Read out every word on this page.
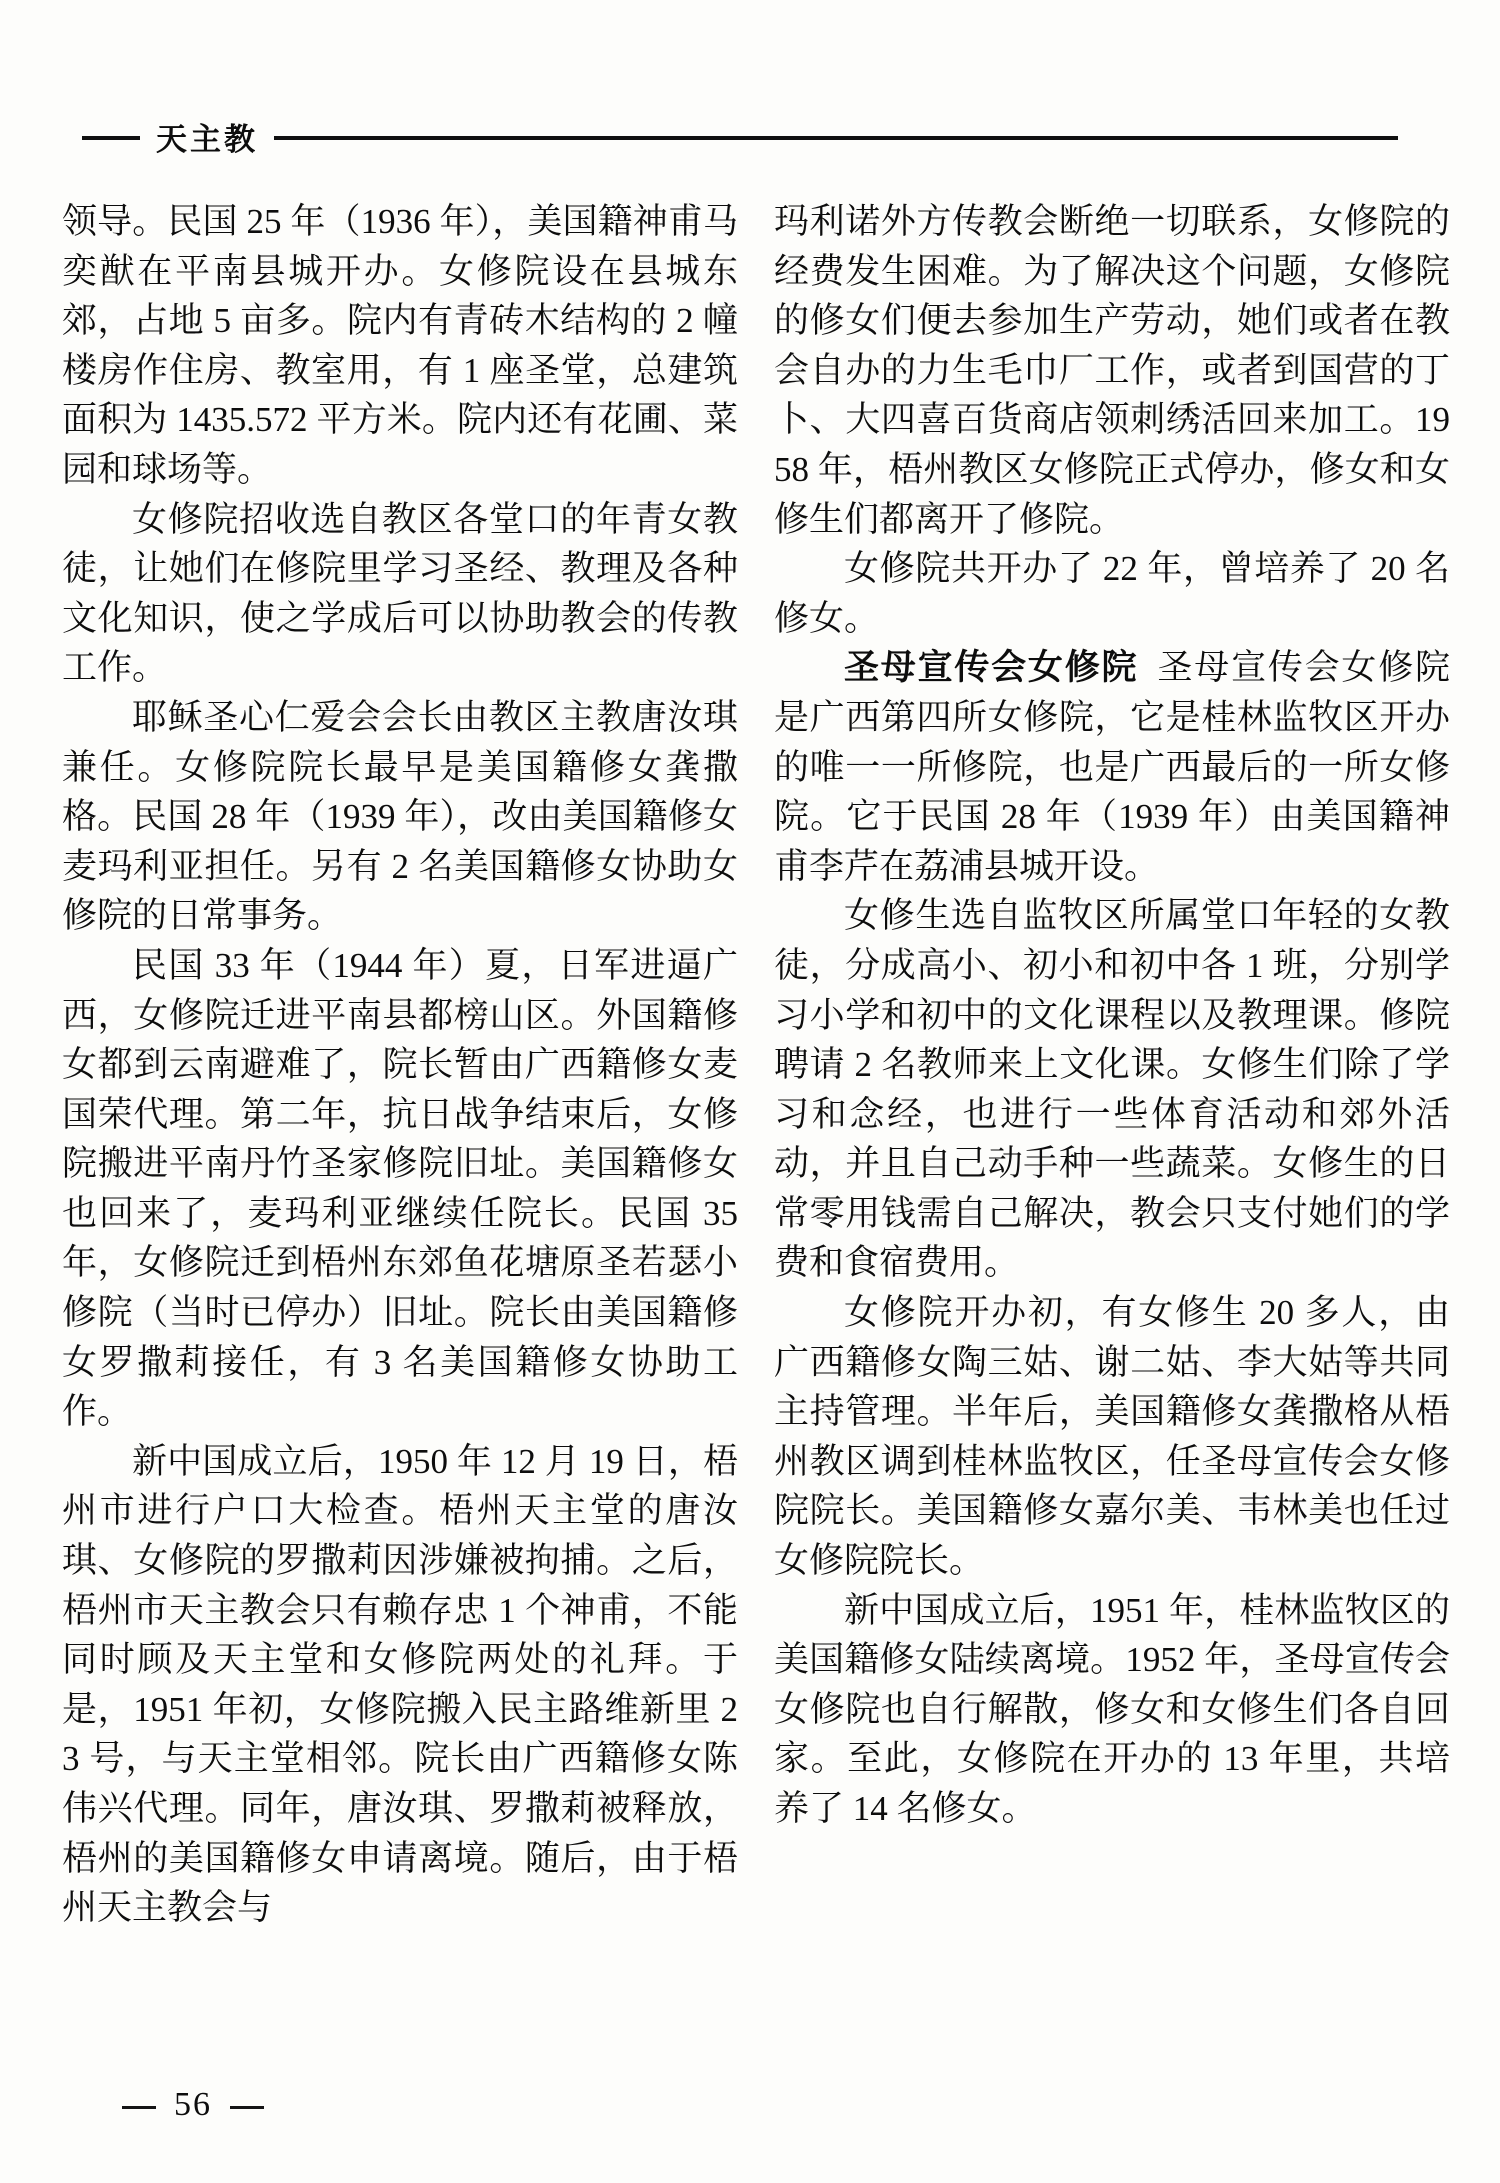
天主教

领导。民国 25 年（1936 年），美国籍神甫马奕猷在平南县城开办。女修院设在县城东郊，占地 5 亩多。院内有青砖木结构的 2 幢楼房作住房、教室用，有 1 座圣堂，总建筑面积为 1435.572 平方米。院内还有花圃、菜园和球场等。

女修院招收选自教区各堂口的年青女教徒，让她们在修院里学习圣经、教理及各种文化知识，使之学成后可以协助教会的传教工作。

耶稣圣心仁爱会会长由教区主教唐汝琪兼任。女修院院长最早是美国籍修女龚撒格。民国 28 年（1939 年），改由美国籍修女麦玛利亚担任。另有 2 名美国籍修女协助女修院的日常事务。

民国 33 年（1944 年）夏，日军进逼广西，女修院迁进平南县都榜山区。外国籍修女都到云南避难了，院长暂由广西籍修女麦国荣代理。第二年，抗日战争结束后，女修院搬进平南丹竹圣家修院旧址。美国籍修女也回来了，麦玛利亚继续任院长。民国 35 年，女修院迁到梧州东郊鱼花塘原圣若瑟小修院（当时已停办）旧址。院长由美国籍修女罗撒莉接任，有 3 名美国籍修女协助工作。

新中国成立后，1950 年 12 月 19 日，梧州市进行户口大检查。梧州天主堂的唐汝琪、女修院的罗撒莉因涉嫌被拘捕。之后，梧州市天主教会只有赖存忠 1 个神甫，不能同时顾及天主堂和女修院两处的礼拜。于是，1951 年初，女修院搬入民主路维新里 23 号，与天主堂相邻。院长由广西籍修女陈伟兴代理。同年，唐汝琪、罗撒莉被释放，梧州的美国籍修女申请离境。随后，由于梧州天主教会与

玛利诺外方传教会断绝一切联系，女修院的经费发生困难。为了解决这个问题，女修院的修女们便去参加生产劳动，她们或者在教会自办的力生毛巾厂工作，或者到国营的丁卜、大四喜百货商店领刺绣活回来加工。1958 年，梧州教区女修院正式停办，修女和女修生们都离开了修院。

女修院共开办了 22 年，曾培养了 20 名修女。

圣母宣传会女修院 圣母宣传会女修院是广西第四所女修院，它是桂林监牧区开办的唯一一所修院，也是广西最后的一所女修院。它于民国 28 年（1939 年）由美国籍神甫李芹在荔浦县城开设。

女修生选自监牧区所属堂口年轻的女教徒，分成高小、初小和初中各 1 班，分别学习小学和初中的文化课程以及教理课。修院聘请 2 名教师来上文化课。女修生们除了学习和念经，也进行一些体育活动和郊外活动，并且自己动手种一些蔬菜。女修生的日常零用钱需自己解决，教会只支付她们的学费和食宿费用。

女修院开办初，有女修生 20 多人，由广西籍修女陶三姑、谢二姑、李大姑等共同主持管理。半年后，美国籍修女龚撒格从梧州教区调到桂林监牧区，任圣母宣传会女修院院长。美国籍修女嘉尔美、韦林美也任过女修院院长。

新中国成立后，1951 年，桂林监牧区的美国籍修女陆续离境。1952 年，圣母宣传会女修院也自行解散，修女和女修生们各自回家。至此，女修院在开办的 13 年里，共培养了 14 名修女。

56
